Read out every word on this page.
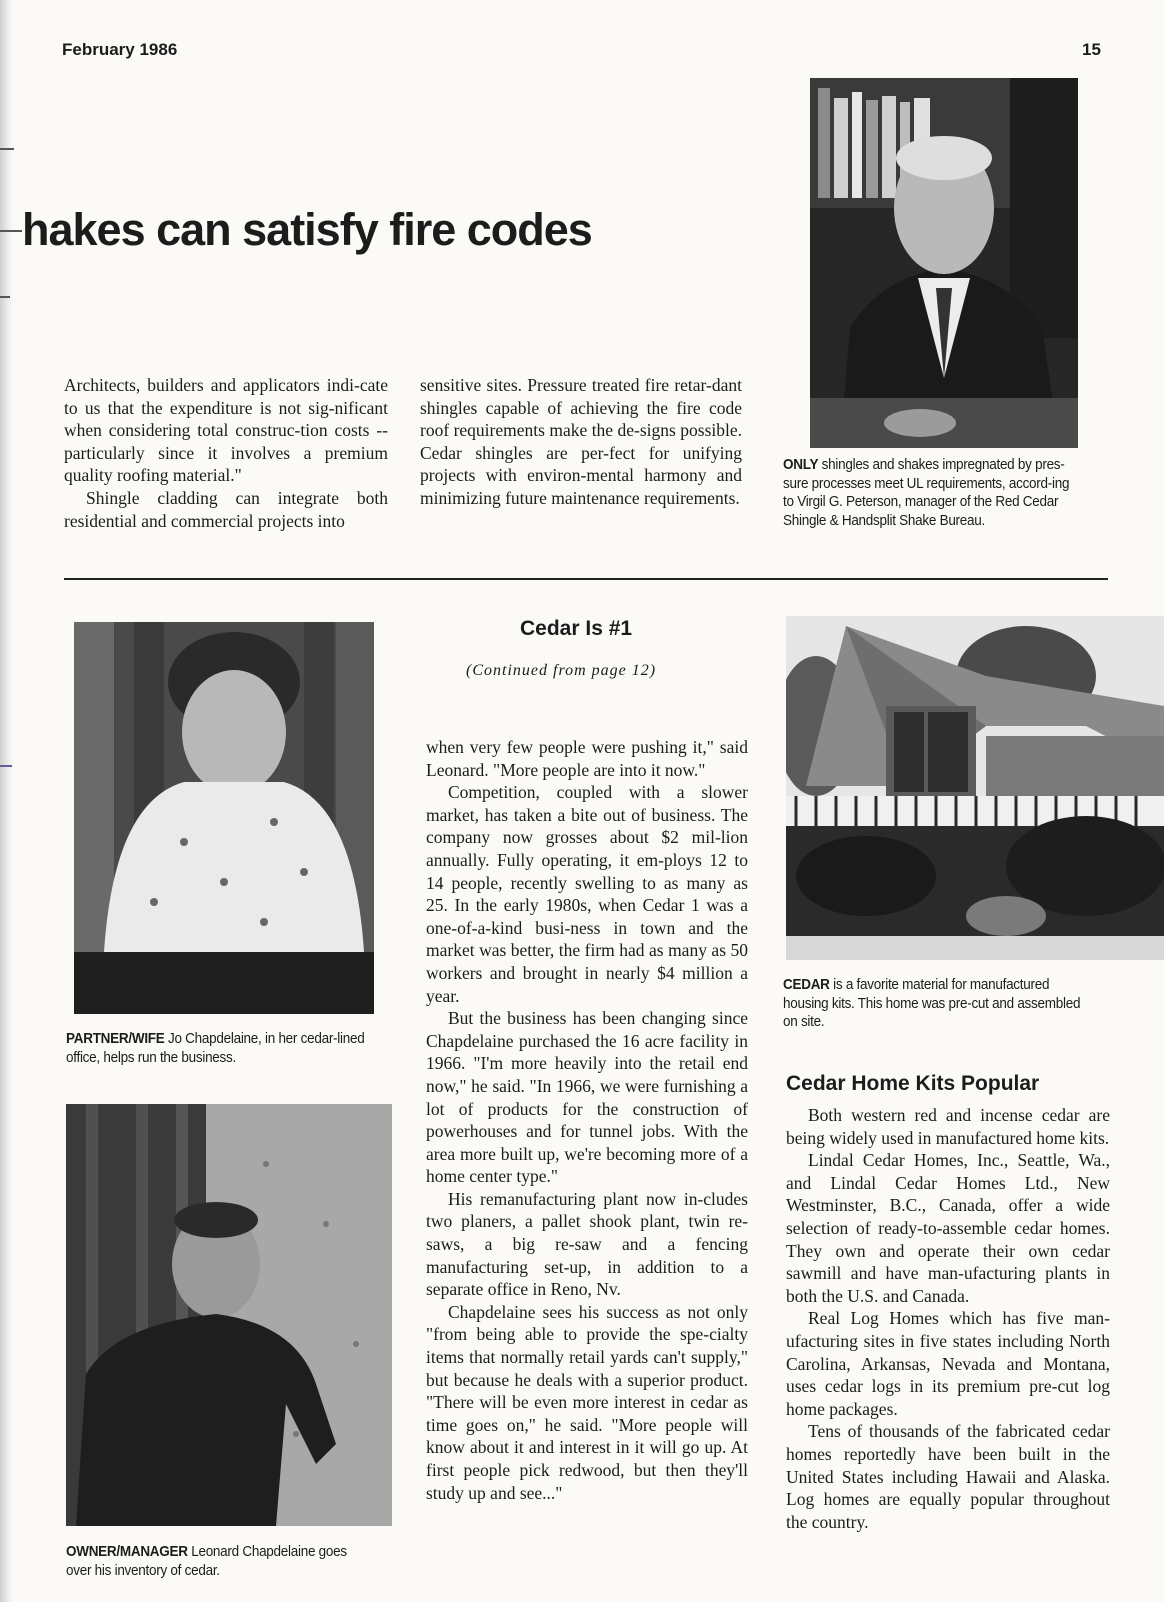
February 1986	15
hakes can satisfy fire codes

Architects, builders and applicators indi-cate to us that the expenditure is not sig-nificant when considering total construc-tion costs -- particularly since it involves a premium quality roofing material."

Shingle cladding can integrate both residential and commercial projects into

sensitive sites. Pressure treated fire retar-dant shingles capable of achieving the fire code roof requirements make the de-signs possible. Cedar shingles are per-fect for unifying projects with environ-mental harmony and minimizing future maintenance requirements.

ONLY shingles and shakes impregnated by pres-sure processes meet UL requirements, accord-ing to Virgil G. Peterson, manager of the Red Cedar Shingle & Handsplit Shake Bureau.
PARTNER/WIFE Jo Chapdelaine, in her cedar-lined office, helps run the business.
OWNER/MANAGER Leonard Chapdelaine goes over his inventory of cedar.
Cedar Is #1
(Continued from page 12)

when very few people were pushing it," said Leonard. "More people are into it now."

Competition, coupled with a slower market, has taken a bite out of business. The company now grosses about $2 mil-lion annually. Fully operating, it em-ploys 12 to 14 people, recently swelling to as many as 25. In the early 1980s, when Cedar 1 was a one-of-a-kind busi-ness in town and the market was better, the firm had as many as 50 workers and brought in nearly $4 million a year.

But the business has been changing since Chapdelaine purchased the 16 acre facility in 1966. "I'm more heavily into the retail end now," he said. "In 1966, we were furnishing a lot of products for the construction of powerhouses and for tunnel jobs. With the area more built up, we're becoming more of a home center type."

His remanufacturing plant now in-cludes two planers, a pallet shook plant, twin re-saws, a big re-saw and a fencing manufacturing set-up, in addition to a separate office in Reno, Nv.

Chapdelaine sees his success as not only "from being able to provide the spe-cialty items that normally retail yards can't supply," but because he deals with a superior product. "There will be even more interest in cedar as time goes on," he said. "More people will know about it and interest in it will go up. At first people pick redwood, but then they'll study up and see..."

CEDAR is a favorite material for manufactured housing kits. This home was pre-cut and assembled on site.
Cedar Home Kits Popular

Both western red and incense cedar are being widely used in manufactured home kits.

Lindal Cedar Homes, Inc., Seattle, Wa., and Lindal Cedar Homes Ltd., New Westminster, B.C., Canada, offer a wide selection of ready-to-assemble cedar homes. They own and operate their own cedar sawmill and have man-ufacturing plants in both the U.S. and Canada.

Real Log Homes which has five man-ufacturing sites in five states including North Carolina, Arkansas, Nevada and Montana, uses cedar logs in its premium pre-cut log home packages.

Tens of thousands of the fabricated cedar homes reportedly have been built in the United States including Hawaii and Alaska. Log homes are equally popular throughout the country.
